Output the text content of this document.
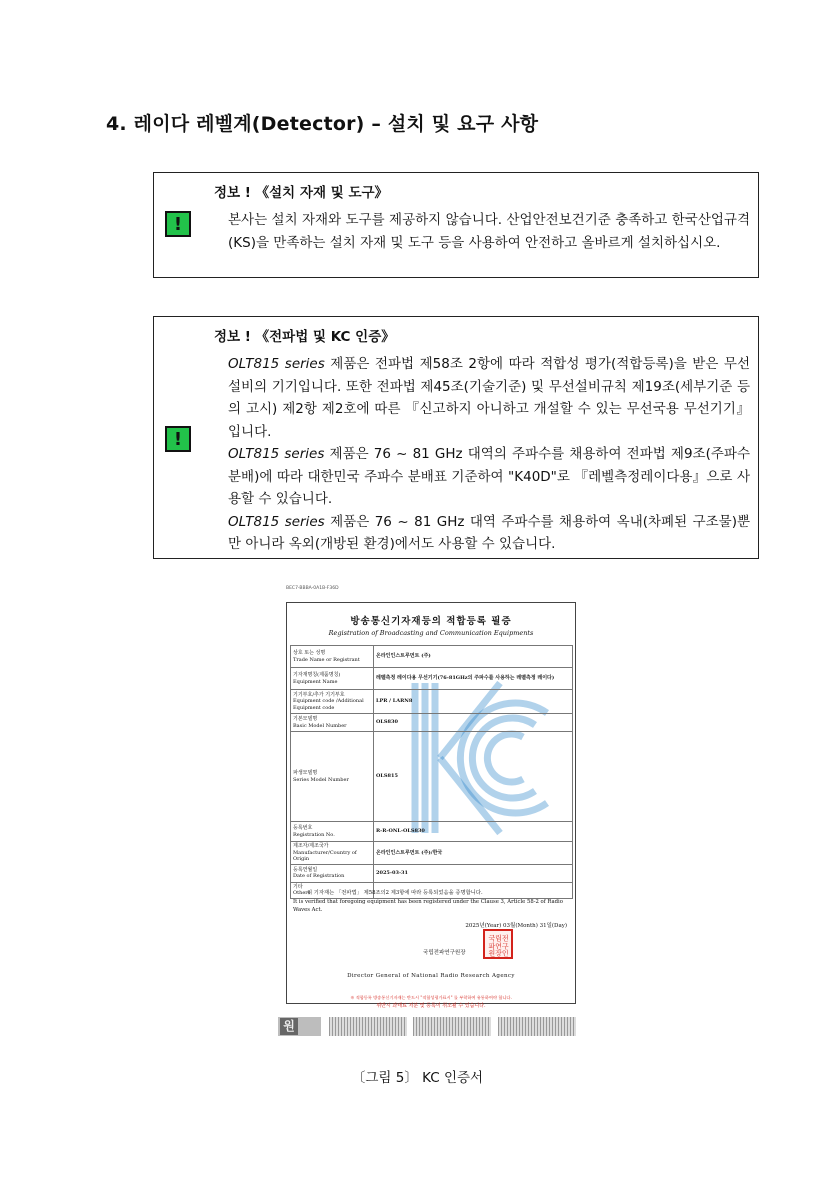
4. 레이다 레벨계(Detector) – 설치 및 요구 사항
정보 ! 《설치 자재 및 도구》
!	본사는 설치 자재와 도구를 제공하지 않습니다. 산업안전보건기준 충족하고 한국산업규격(KS)을 만족하는 설치 자재 및 도구 등을 사용하여 안전하고 올바르게 설치하십시오.

정보 ! 《전파법 및 KC 인증》
!

OLT815 series 제품은 전파법 제58조 2항에 따라 적합성 평가(적합등록)을 받은 무선설비의 기기입니다. 또한 전파법 제45조(기술기준) 및 무선설비규칙 제19조(세부기준 등의 고시) 제2항 제2호에 따른 『신고하지 아니하고 개설할 수 있는 무선국용 무선기기』 입니다.

OLT815 series 제품은 76 ~ 81 GHz 대역의 주파수를 채용하여 전파법 제9조(주파수분배)에 따라 대한민국 주파수 분배표 기준하여 "K40D"로 『레벨측정레이다용』으로 사용할 수 있습니다.

OLT815 series 제품은 76 ~ 81 GHz 대역 주파수를 채용하여 옥내(차폐된 구조물)뿐만 아니라 옥외(개방된 환경)에서도 사용할 수 있습니다.

BEC7-BBBA-0A1B-F36D
방송통신기자재등의 적합등록 필증
Registration of Broadcasting and Communication Equipments
상호 또는 성명
Trade Name or Registrant	온라인인스트루먼트 (주)

기자재명칭(제품명칭)
Equipment Name	레벨측정 레이다용 무선기기(76-81GHz의 주파수를 사용하는 레벨측정 레이다)

기기부호/추가 기기부호
Equipment code /Additional Equipment code	LPR / LARN8

기본모델명
Basic Model Number	OLS830

파생모델명
Series Model Number	OLS815

등록번호
Registration No.	R-R-ONL-OLS830

제조자/제조국가
Manufacturer/Country of Origin	온라인인스트루먼트 (주)/한국

등록연월일
Date of Registration	2025-03-31

기타
Others	

위 기자재는 「전파법」 제58조의2 제3항에 따라 등록되었음을 증명합니다.
It is verified that foregoing equipment has been registered under the Clause 3, Article 58-2 of Radio Waves Act.
2025년(Year) 03월(Month) 31일(Day)
국립전파연구원장
국립전
파연구
원장인
Director General of National Radio Research Agency
※ 적합등록 방송통신기자재는 반드시 "적합성평가표시" 를 부착하여 유통하여야 합니다.
위반시 과태료 처분 및 등록이 취소될 수 있습니다.
원
〔그림 5〕 KC 인증서
